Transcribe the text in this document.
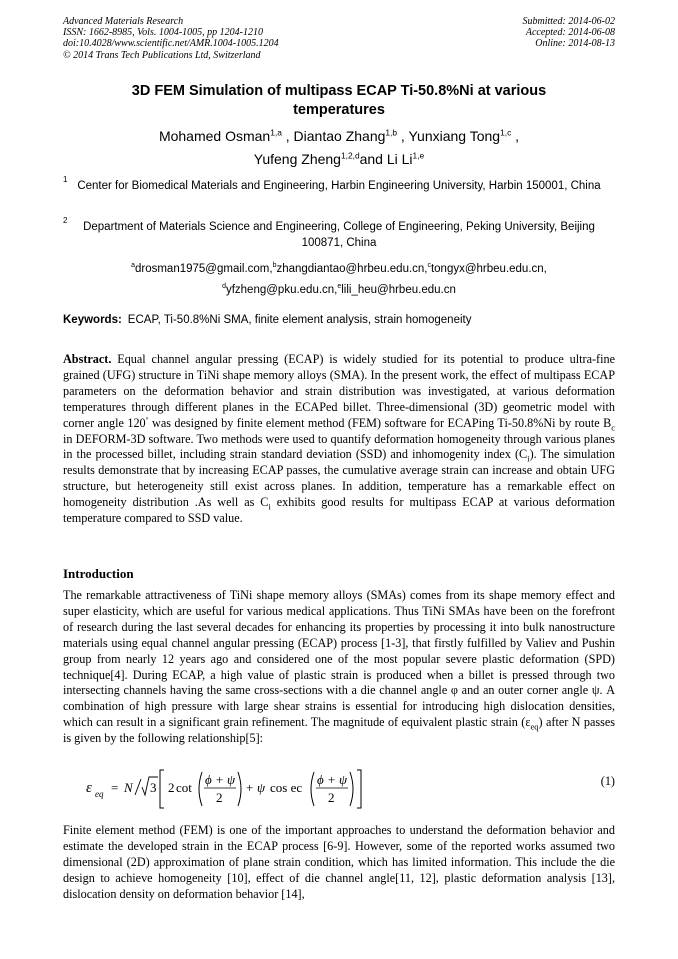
Advanced Materials Research
ISSN: 1662-8985, Vols. 1004-1005, pp 1204-1210
doi:10.4028/www.scientific.net/AMR.1004-1005.1204
© 2014 Trans Tech Publications Ltd, Switzerland
Submitted: 2014-06-02
Accepted: 2014-06-08
Online: 2014-08-13
3D FEM Simulation of multipass ECAP Ti-50.8%Ni at various temperatures
Mohamed Osman$^{1,a}$ , Diantao Zhang$^{1,b}$ , Yunxiang Tong$^{1,c}$ ,
Yufeng Zheng$^{1,2,d}$and Li Li$^{1,e}$
1
Center for Biomedical Materials and Engineering, Harbin Engineering University, Harbin 150001, China
2
Department of Materials Science and Engineering, College of Engineering, Peking University, Beijing 100871, China
$^a$drosman1975@gmail.com,$^b$zhangdiantao@hrbeu.edu.cn,$^c$tongyx@hrbeu.edu.cn,
$^d$yfzheng@pku.edu.cn,$^e$lili_heu@hrbeu.edu.cn
Keywords: ECAP, Ti-50.8%Ni SMA, finite element analysis, strain homogeneity
Abstract. Equal channel angular pressing (ECAP) is widely studied for its potential to produce ultra-fine grained (UFG) structure in TiNi shape memory alloys (SMA). In the present work, the effect of multipass ECAP parameters on the deformation behavior and strain distribution was investigated, at various deformation temperatures through different planes in the ECAPed billet. Three-dimensional (3D) geometric model with corner angle 120° was designed by finite element method (FEM) software for ECAPing Ti-50.8%Ni by route $B_c$ in DEFORM-3D software. Two methods were used to quantify deformation homogeneity through various planes in the processed billet, including strain standard deviation (SSD) and inhomogenity index $(C_i)$. The simulation results demonstrate that by increasing ECAP passes, the cumulative average strain can increase and obtain UFG structure, but heterogeneity still exist across planes. In addition, temperature has a remarkable effect on homogeneity distribution .As well as $C_i$ exhibits good results for multipass ECAP at various deformation temperature compared to SSD value.
Introduction
The remarkable attractiveness of TiNi shape memory alloys (SMAs) comes from its shape memory effect and super elasticity, which are useful for various medical applications. Thus TiNi SMAs have been on the forefront of research during the last several decades for enhancing its properties by processing it into bulk nanostructure materials using equal channel angular pressing (ECAP) process [1-3], that firstly fulfilled by Valiev and Pushin group from nearly 12 years ago and considered one of the most popular severe plastic deformation (SPD) technique[4]. During ECAP, a high value of plastic strain is produced when a billet is pressed through two intersecting channels having the same cross-sections with a die channel angle φ and an outer corner angle ψ. A combination of high pressure with large shear strains is essential for introducing high dislocation densities, which can result in a significant grain refinement. The magnitude of equivalent plastic strain $(\varepsilon_{eq})$ after N passes is given by the following relationship[5]:
ε eq = N 3 2 cot
ϕ + ψ
2
+ ψ cos ec
ϕ + ψ
2
(1)
Finite element method (FEM) is one of the important approaches to understand the deformation behavior and estimate the developed strain in the ECAP process [6-9]. However, some of the reported works assumed two dimensional (2D) approximation of plane strain condition, which has limited information. This include the die design to achieve homogeneity [10], effect of die channel angle[11, 12], plastic deformation analysis [13], dislocation density on deformation behavior [14],
